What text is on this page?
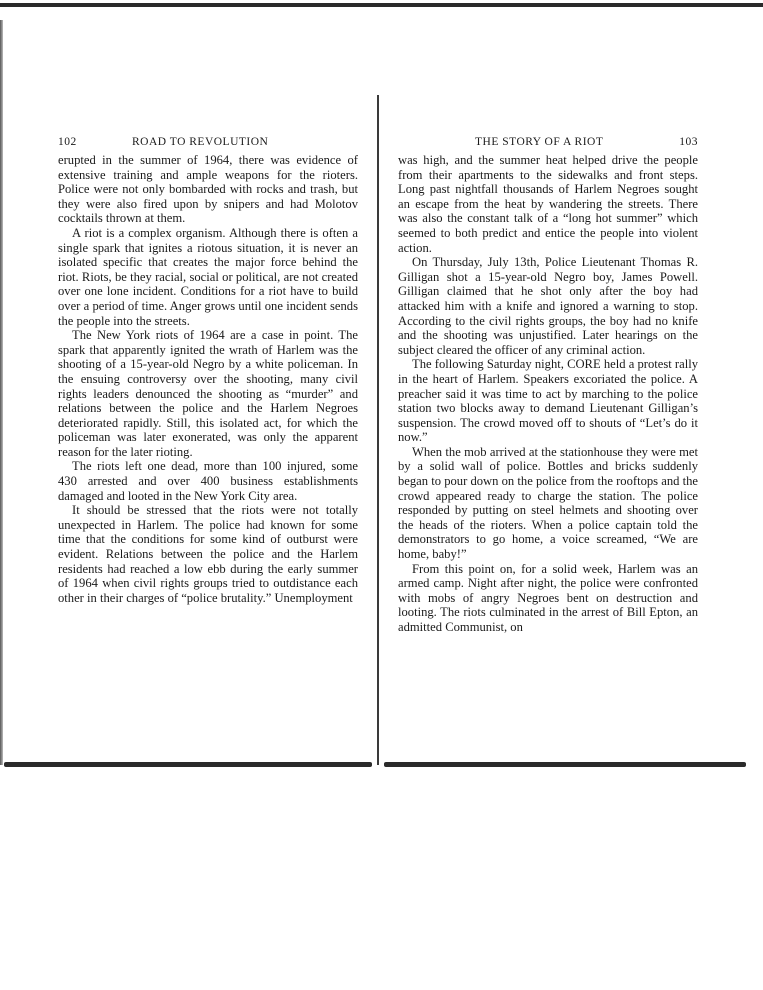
102	ROAD TO REVOLUTION

erupted in the summer of 1964, there was evidence of extensive training and ample weapons for the rioters. Police were not only bombarded with rocks and trash, but they were also fired upon by snipers and had Molotov cocktails thrown at them.

A riot is a complex organism. Although there is often a single spark that ignites a riotous situation, it is never an isolated specific that creates the major force behind the riot. Riots, be they racial, social or political, are not created over one lone incident. Conditions for a riot have to build over a period of time. Anger grows until one incident sends the people into the streets.

The New York riots of 1964 are a case in point. The spark that apparently ignited the wrath of Harlem was the shooting of a 15-year-old Negro by a white policeman. In the ensuing controversy over the shooting, many civil rights leaders denounced the shooting as “murder” and relations between the police and the Harlem Negroes deteriorated rapidly. Still, this isolated act, for which the policeman was later exonerated, was only the apparent reason for the later rioting.

The riots left one dead, more than 100 injured, some 430 arrested and over 400 business establishments damaged and looted in the New York City area.

It should be stressed that the riots were not totally unexpected in Harlem. The police had known for some time that the conditions for some kind of outburst were evident. Relations between the police and the Harlem residents had reached a low ebb during the early summer of 1964 when civil rights groups tried to outdistance each other in their charges of “police brutality.” Unemployment

THE STORY OF A RIOT	103

was high, and the summer heat helped drive the people from their apartments to the sidewalks and front steps. Long past nightfall thousands of Harlem Negroes sought an escape from the heat by wandering the streets. There was also the constant talk of a “long hot summer” which seemed to both predict and entice the people into violent action.

On Thursday, July 13th, Police Lieutenant Thomas R. Gilligan shot a 15-year-old Negro boy, James Powell. Gilligan claimed that he shot only after the boy had attacked him with a knife and ignored a warning to stop. According to the civil rights groups, the boy had no knife and the shooting was unjustified. Later hearings on the subject cleared the officer of any criminal action.

The following Saturday night, CORE held a protest rally in the heart of Harlem. Speakers excoriated the police. A preacher said it was time to act by marching to the police station two blocks away to demand Lieutenant Gilligan’s suspension. The crowd moved off to shouts of “Let’s do it now.”

When the mob arrived at the stationhouse they were met by a solid wall of police. Bottles and bricks suddenly began to pour down on the police from the rooftops and the crowd appeared ready to charge the station. The police responded by putting on steel helmets and shooting over the heads of the rioters. When a police captain told the demonstrators to go home, a voice screamed, “We are home, baby!”

From this point on, for a solid week, Harlem was an armed camp. Night after night, the police were confronted with mobs of angry Negroes bent on destruction and looting. The riots culminated in the arrest of Bill Epton, an admitted Communist, on
